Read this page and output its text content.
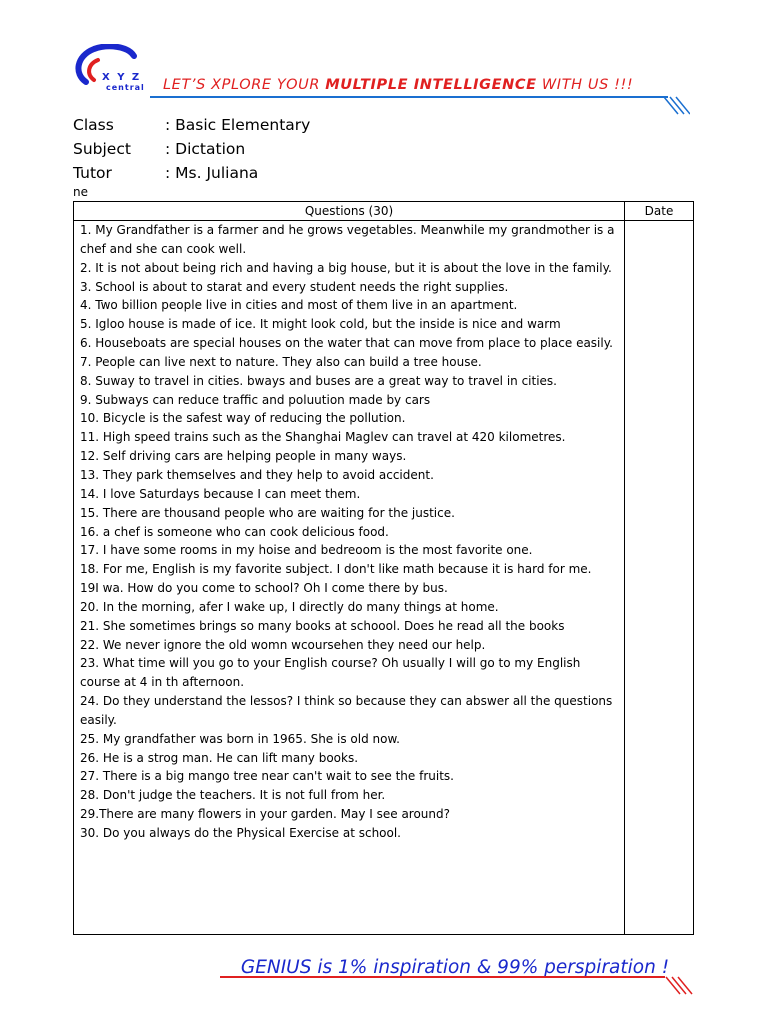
X Y Z
central LET’S XPLORE YOUR MULTIPLE INTELLIGENCE WITH US !!!
Class	: Basic Elementary
Subject : Dictation
Tutor	: Ms. Juliana
ne
Questions (30)	Date
1. My Grandfather is a farmer and he grows vegetables. Meanwhile my grandmother is a chef and she can cook well.
2. It is not about being rich and having a big house, but it is about the love in the family.
3. School is about to starat and every student needs the right supplies.
4. Two billion people live in cities and most of them live in an apartment.
5. Igloo house is made of ice. It might look cold, but the inside is nice and warm
6. Houseboats are special houses on the water that can move from place to place easily.
7. People can live next to nature. They also can build a tree house.
8. Suway to travel in cities. bways and buses are a great way to travel in cities.
9. Subways can reduce traffic and poluution made by cars
10. Bicycle is the safest way of reducing the pollution.
11. High speed trains such as the Shanghai Maglev can travel at 420 kilometres.
12. Self driving cars are helping people in many ways.
13. They park themselves and they help to avoid accident.
14. I love Saturdays because I can meet them.
15. There are thousand people who are waiting for the justice.
16. a chef is someone who can cook delicious food.
17. I have some rooms in my hoise and bedreoom is the most favorite one.
18. For me, English is my favorite subject. I don't like math because it is hard for me.
19I wa. How do you come to school? Oh I come there by bus.
20. In the morning, afer I wake up, I directly do many things at home.
21. She sometimes brings so many books at schoool. Does he read all the books
22. We never ignore the old womn wcoursehen they need our help.
23. What time will you go to your English course? Oh usually I will go to my English course at 4 in th afternoon.
24. Do they understand the lessos? I think so because they can abswer all the questions easily.
25. My grandfather was born in 1965. She is old now.
26. He is a strog man. He can lift many books.
27. There is a big mango tree near can't wait to see the fruits.
28. Don't judge the teachers. It is not full from her.
29.There are many flowers in your garden. May I see around?
30. Do you always do the Physical Exercise at school.
GENIUS is 1% inspiration & 99% perspiration !
